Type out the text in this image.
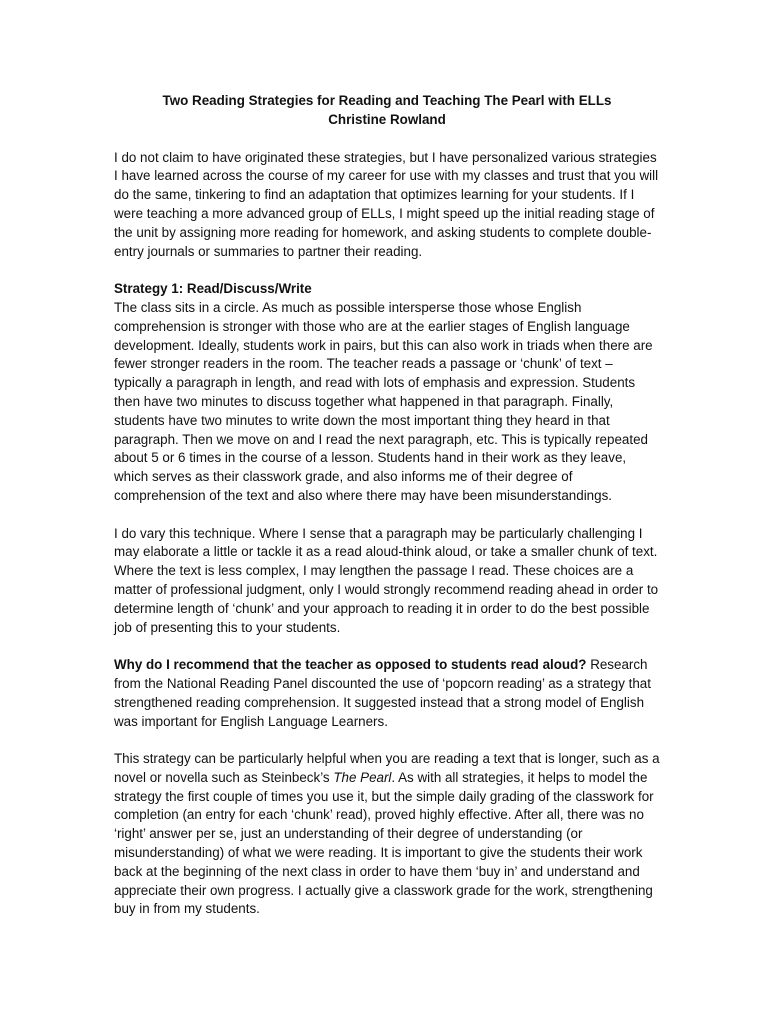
Two Reading Strategies for Reading and Teaching The Pearl with ELLs
Christine Rowland

I do not claim to have originated these strategies, but I have personalized various strategies I have learned across the course of my career for use with my classes and trust that you will do the same, tinkering to find an adaptation that optimizes learning for your students. If I were teaching a more advanced group of ELLs, I might speed up the initial reading stage of the unit by assigning more reading for homework, and asking students to complete double-entry journals or summaries to partner their reading.

Strategy 1: Read/Discuss/Write

The class sits in a circle. As much as possible intersperse those whose English comprehension is stronger with those who are at the earlier stages of English language development. Ideally, students work in pairs, but this can also work in triads when there are fewer stronger readers in the room. The teacher reads a passage or ‘chunk’ of text – typically a paragraph in length, and read with lots of emphasis and expression. Students then have two minutes to discuss together what happened in that paragraph. Finally, students have two minutes to write down the most important thing they heard in that paragraph. Then we move on and I read the next paragraph, etc. This is typically repeated about 5 or 6 times in the course of a lesson. Students hand in their work as they leave, which serves as their classwork grade, and also informs me of their degree of comprehension of the text and also where there may have been misunderstandings.

I do vary this technique. Where I sense that a paragraph may be particularly challenging I may elaborate a little or tackle it as a read aloud-think aloud, or take a smaller chunk of text. Where the text is less complex, I may lengthen the passage I read. These choices are a matter of professional judgment, only I would strongly recommend reading ahead in order to determine length of ‘chunk’ and your approach to reading it in order to do the best possible job of presenting this to your students.

Why do I recommend that the teacher as opposed to students read aloud? Research from the National Reading Panel discounted the use of ‘popcorn reading’ as a strategy that strengthened reading comprehension. It suggested instead that a strong model of English was important for English Language Learners.

This strategy can be particularly helpful when you are reading a text that is longer, such as a novel or novella such as Steinbeck’s The Pearl. As with all strategies, it helps to model the strategy the first couple of times you use it, but the simple daily grading of the classwork for completion (an entry for each ‘chunk’ read), proved highly effective. After all, there was no ‘right’ answer per se, just an understanding of their degree of understanding (or misunderstanding) of what we were reading. It is important to give the students their work back at the beginning of the next class in order to have them ‘buy in’ and understand and appreciate their own progress. I actually give a classwork grade for the work, strengthening buy in from my students.
